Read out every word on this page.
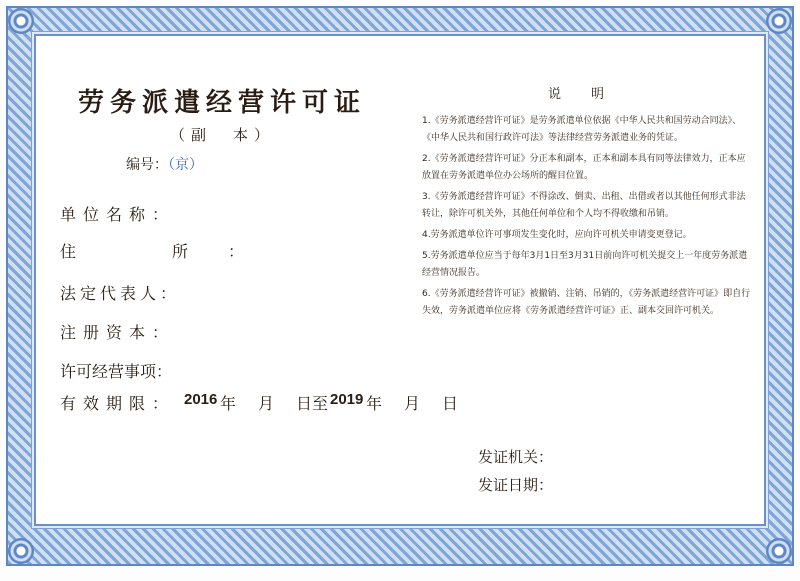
劳务派遣经营许可证
（副　本）
编号：（京）
单位名称：
住　所：
法定代表人：
注册资本：
许可经营事项：
有效期限： 2016 年 月 日至 2019 年 月 日
发证机关：
发证日期：
说明

1.《劳务派遣经营许可证》是劳务派遣单位依据《中华人民共和国劳动合同法》、《中华人民共和国行政许可法》等法律经营劳务派遣业务的凭证。

2.《劳务派遣经营许可证》分正本和副本，正本和副本具有同等法律效力，正本应放置在劳务派遣单位办公场所的醒目位置。

3.《劳务派遣经营许可证》不得涂改、倒卖、出租、出借或者以其他任何形式非法转让，除许可机关外，其他任何单位和个人均不得收缴和吊销。

4.劳务派遣单位许可事项发生变化时，应向许可机关申请变更登记。

5.劳务派遣单位应当于每年3月1日至3月31日前向许可机关提交上一年度劳务派遣经营情况报告。

6.《劳务派遣经营许可证》被撤销、注销、吊销的，《劳务派遣经营许可证》即自行失效，劳务派遣单位应将《劳务派遣经营许可证》正、副本交回许可机关。
